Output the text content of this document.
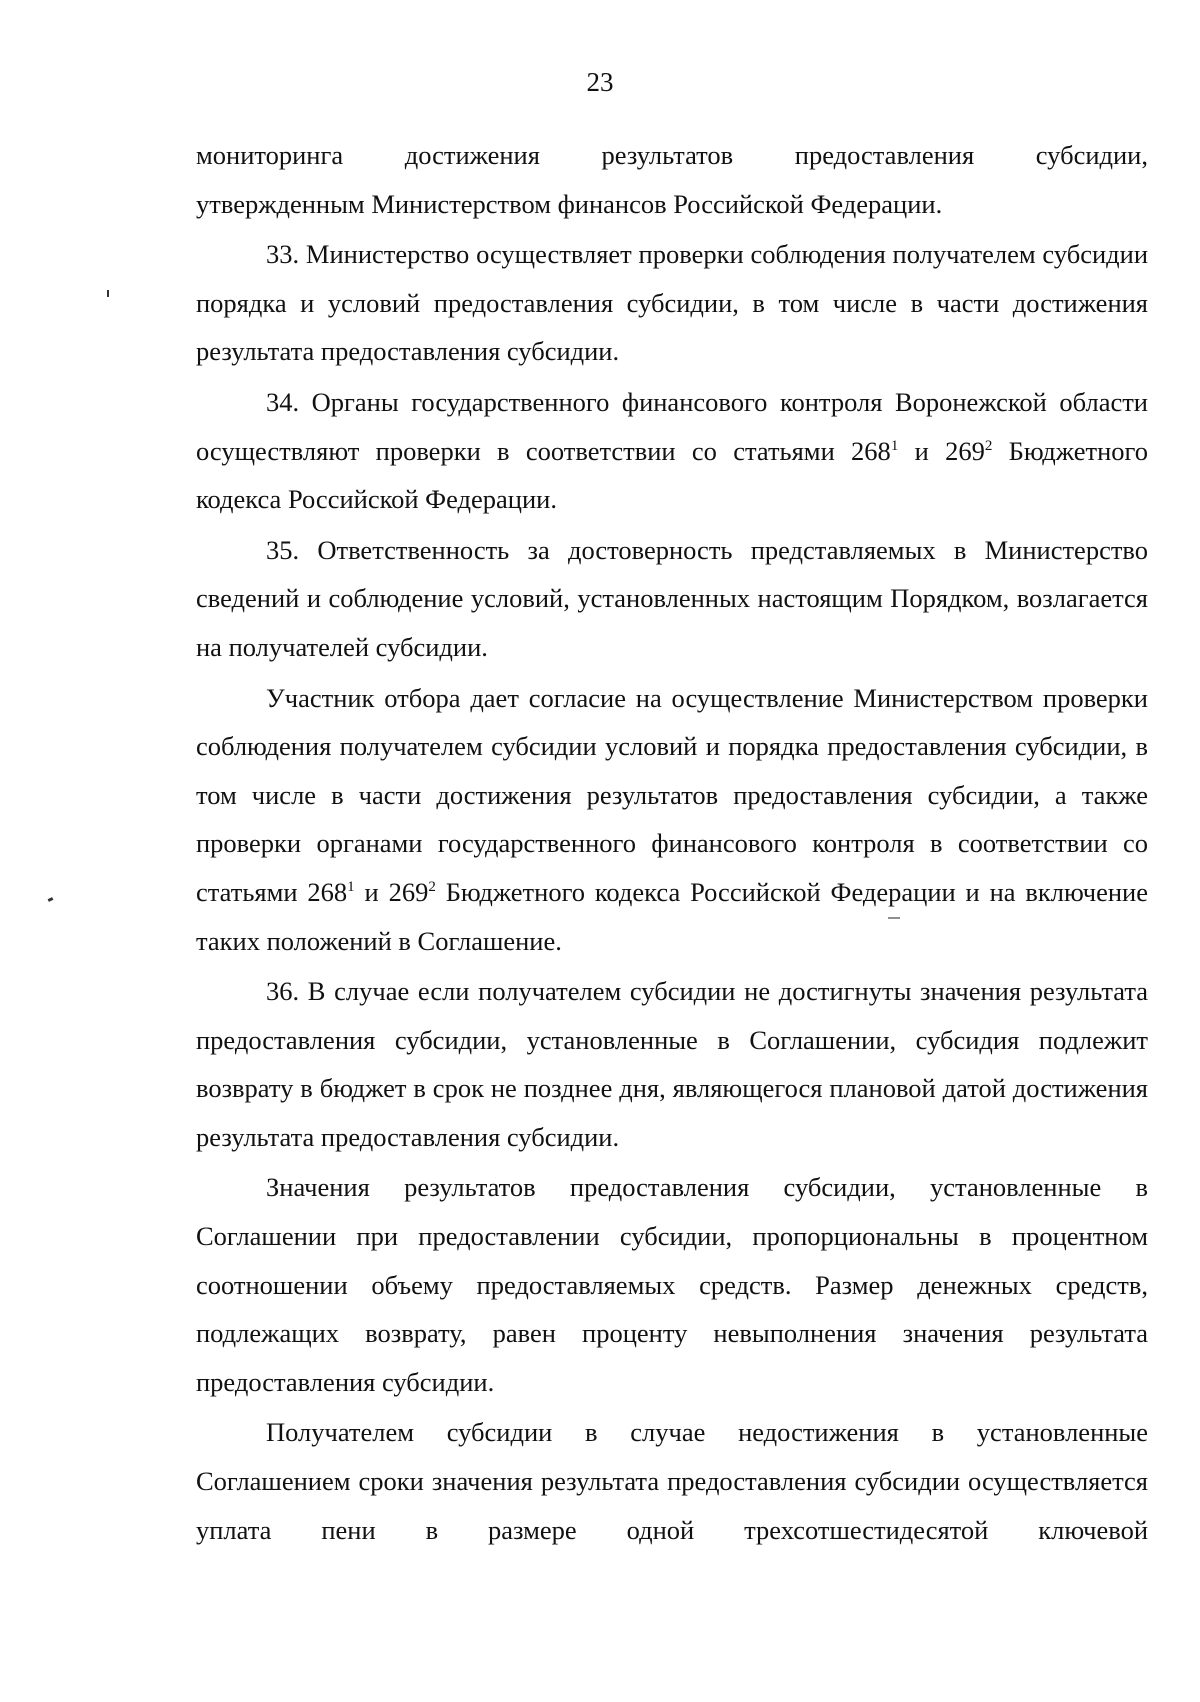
23

мониторинга достижения результатов предоставления субсидии,

утвержденным Министерством финансов Российской Федерации.

33. Министерство осуществляет проверки соблюдения получателем субсидии порядка и условий предоставления субсидии, в том числе в части достижения результата предоставления субсидии.

34. Органы государственного финансового контроля Воронежской области осуществляют проверки в соответствии со статьями $268^1$ и $269^2$ Бюджетного кодекса Российской Федерации.

35. Ответственность за достоверность представляемых в Министерство сведений и соблюдение условий, установленных настоящим Порядком, возлагается на получателей субсидии.

Участник отбора дает согласие на осуществление Министерством проверки соблюдения получателем субсидии условий и порядка предоставления субсидии, в том числе в части достижения результатов предоставления субсидии, а также проверки органами государственного финансового контроля в соответствии со статьями $268^1$ и $269^2$ Бюджетного кодекса Российской Федерации и на включение таких положений в Соглашение.

36. В случае если получателем субсидии не достигнуты значения результата предоставления субсидии, установленные в Соглашении, субсидия подлежит возврату в бюджет в срок не позднее дня, являющегося плановой датой достижения результата предоставления субсидии.

Значения результатов предоставления субсидии, установленные в Соглашении при предоставлении субсидии, пропорциональны в процентном соотношении объему предоставляемых средств. Размер денежных средств, подлежащих возврату, равен проценту невыполнения значения результата предоставления субсидии.

Получателем субсидии в случае недостижения в установленные Соглашением сроки значения результата предоставления субсидии осуществляется уплата пени в размере одной трехсотшестидесятой ключевой
